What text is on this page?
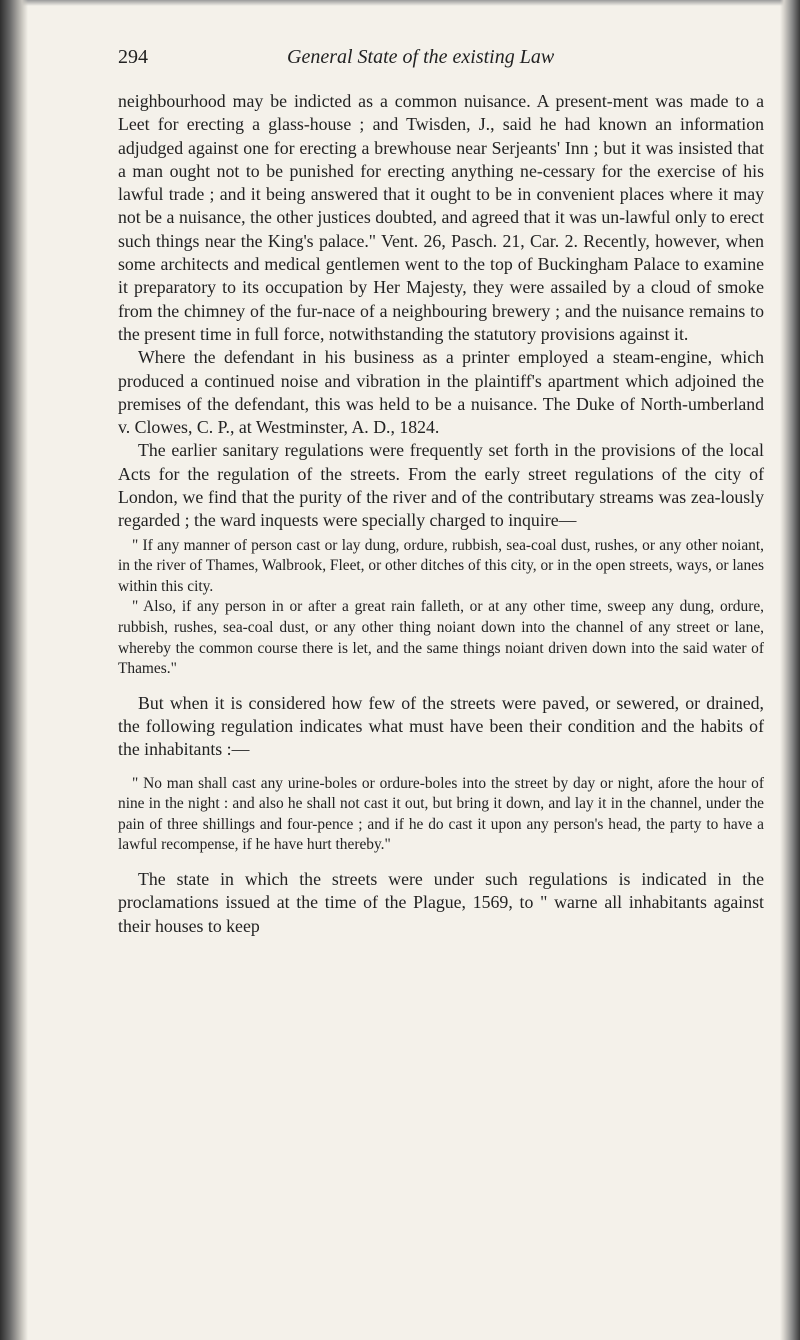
294	General State of the existing Law

neighbourhood may be indicted as a common nuisance. A present-ment was made to a Leet for erecting a glass-house ; and Twisden, J., said he had known an information adjudged against one for erecting a brewhouse near Serjeants' Inn ; but it was insisted that a man ought not to be punished for erecting anything ne-cessary for the exercise of his lawful trade ; and it being answered that it ought to be in convenient places where it may not be a nuisance, the other justices doubted, and agreed that it was un-lawful only to erect such things near the King's palace." Vent. 26, Pasch. 21, Car. 2. Recently, however, when some architects and medical gentlemen went to the top of Buckingham Palace to examine it preparatory to its occupation by Her Majesty, they were assailed by a cloud of smoke from the chimney of the fur-nace of a neighbouring brewery ; and the nuisance remains to the present time in full force, notwithstanding the statutory provisions against it.

Where the defendant in his business as a printer employed a steam-engine, which produced a continued noise and vibration in the plaintiff's apartment which adjoined the premises of the defendant, this was held to be a nuisance. The Duke of North-umberland v. Clowes, C. P., at Westminster, A. D., 1824.

The earlier sanitary regulations were frequently set forth in the provisions of the local Acts for the regulation of the streets. From the early street regulations of the city of London, we find that the purity of the river and of the contributary streams was zea-lously regarded ; the ward inquests were specially charged to inquire—

" If any manner of person cast or lay dung, ordure, rubbish, sea-coal dust, rushes, or any other noiant, in the river of Thames, Walbrook, Fleet, or other ditches of this city, or in the open streets, ways, or lanes within this city.

" Also, if any person in or after a great rain falleth, or at any other time, sweep any dung, ordure, rubbish, rushes, sea-coal dust, or any other thing noiant down into the channel of any street or lane, whereby the common course there is let, and the same things noiant driven down into the said water of Thames."

But when it is considered how few of the streets were paved, or sewered, or drained, the following regulation indicates what must have been their condition and the habits of the inhabitants :—

" No man shall cast any urine-boles or ordure-boles into the street by day or night, afore the hour of nine in the night : and also he shall not cast it out, but bring it down, and lay it in the channel, under the pain of three shillings and four-pence ; and if he do cast it upon any person's head, the party to have a lawful recompense, if he have hurt thereby."

The state in which the streets were under such regulations is indicated in the proclamations issued at the time of the Plague, 1569, to " warne all inhabitants against their houses to keep
